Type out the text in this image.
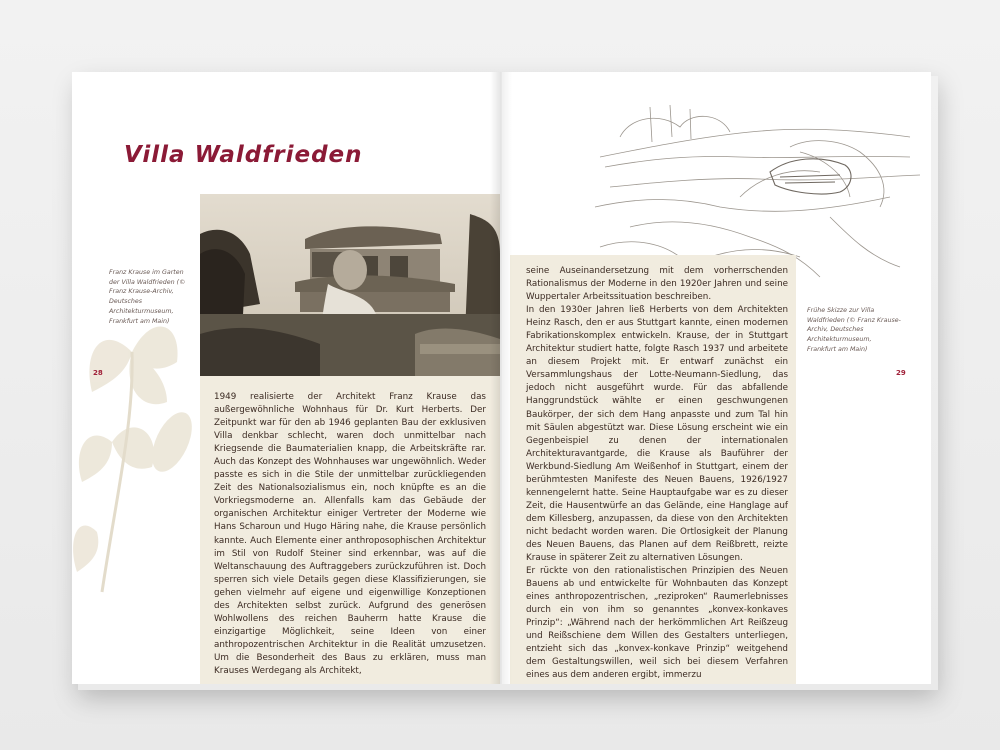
Villa Waldfrieden
Franz Krause im Garten der Villa Waldfrieden (© Franz Krause-Archiv, Deutsches Architekturmuseum, Frankfurt am Main)
28
1949 realisierte der Architekt Franz Krause das außergewöhnliche Wohnhaus für Dr. Kurt Herberts. Der Zeitpunkt war für den ab 1946 geplanten Bau der exklusiven Villa denkbar schlecht, waren doch unmittelbar nach Kriegsende die Baumaterialien knapp, die Arbeitskräfte rar. Auch das Konzept des Wohnhauses war ungewöhnlich. Weder passte es sich in die Stile der unmittelbar zurückliegenden Zeit des Nationalsozialismus ein, noch knüpfte es an die Vorkriegsmoderne an. Allenfalls kam das Gebäude der organischen Architektur einiger Vertreter der Moderne wie Hans Scharoun und Hugo Häring nahe, die Krause persönlich kannte. Auch Elemente einer anthroposophischen Architektur im Stil von Rudolf Steiner sind erkennbar, was auf die Weltanschauung des Auftraggebers zurückzuführen ist. Doch sperren sich viele Details gegen diese Klassifizierungen, sie gehen vielmehr auf eigene und eigenwillige Konzeptionen des Architekten selbst zurück. Aufgrund des generösen Wohlwollens des reichen Bauherrn hatte Krause die einzigartige Möglichkeit, seine Ideen von einer anthropozentrischen Architektur in die Realität umzusetzen. Um die Besonderheit des Baus zu erklären, muss man Krauses Werdegang als Architekt,
Frühe Skizze zur Villa Waldfrieden (© Franz Krause-Archiv, Deutsches Architekturmuseum, Frankfurt am Main)
29

seine Auseinandersetzung mit dem vorherrschenden Rationalismus der Moderne in den 1920er Jahren und seine Wuppertaler Arbeitssituation beschreiben.

In den 1930er Jahren ließ Herberts von dem Architekten Heinz Rasch, den er aus Stuttgart kannte, einen modernen Fabrikationskomplex entwickeln. Krause, der in Stuttgart Architektur studiert hatte, folgte Rasch 1937 und arbeitete an diesem Projekt mit. Er entwarf zunächst ein Versammlungshaus der Lotte-Neumann-Siedlung, das jedoch nicht ausgeführt wurde. Für das abfallende Hanggrundstück wählte er einen geschwungenen Baukörper, der sich dem Hang anpasste und zum Tal hin mit Säulen abgestützt war. Diese Lösung erscheint wie ein Gegenbeispiel zu denen der internationalen Architekturavantgarde, die Krause als Bauführer der Werkbund-Siedlung Am Weißenhof in Stuttgart, einem der berühmtesten Manifeste des Neuen Bauens, 1926/1927 kennengelernt hatte. Seine Hauptaufgabe war es zu dieser Zeit, die Hausentwürfe an das Gelände, eine Hanglage auf dem Killesberg, anzupassen, da diese von den Architekten nicht bedacht worden waren. Die Ortlosigkeit der Planung des Neuen Bauens, das Planen auf dem Reißbrett, reizte Krause in späterer Zeit zu alternativen Lösungen.

Er rückte von den rationalistischen Prinzipien des Neuen Bauens ab und entwickelte für Wohnbauten das Konzept eines anthropozentrischen, „reziproken“ Raumerlebnisses durch ein von ihm so genanntes „konvex-konkaves Prinzip“: „Während nach der herkömmlichen Art Reißzeug und Reißschiene dem Willen des Gestalters unterliegen, entzieht sich das „konvex-konkave Prinzip“ weitgehend dem Gestaltungswillen, weil sich bei diesem Verfahren eines aus dem anderen ergibt, immerzu
